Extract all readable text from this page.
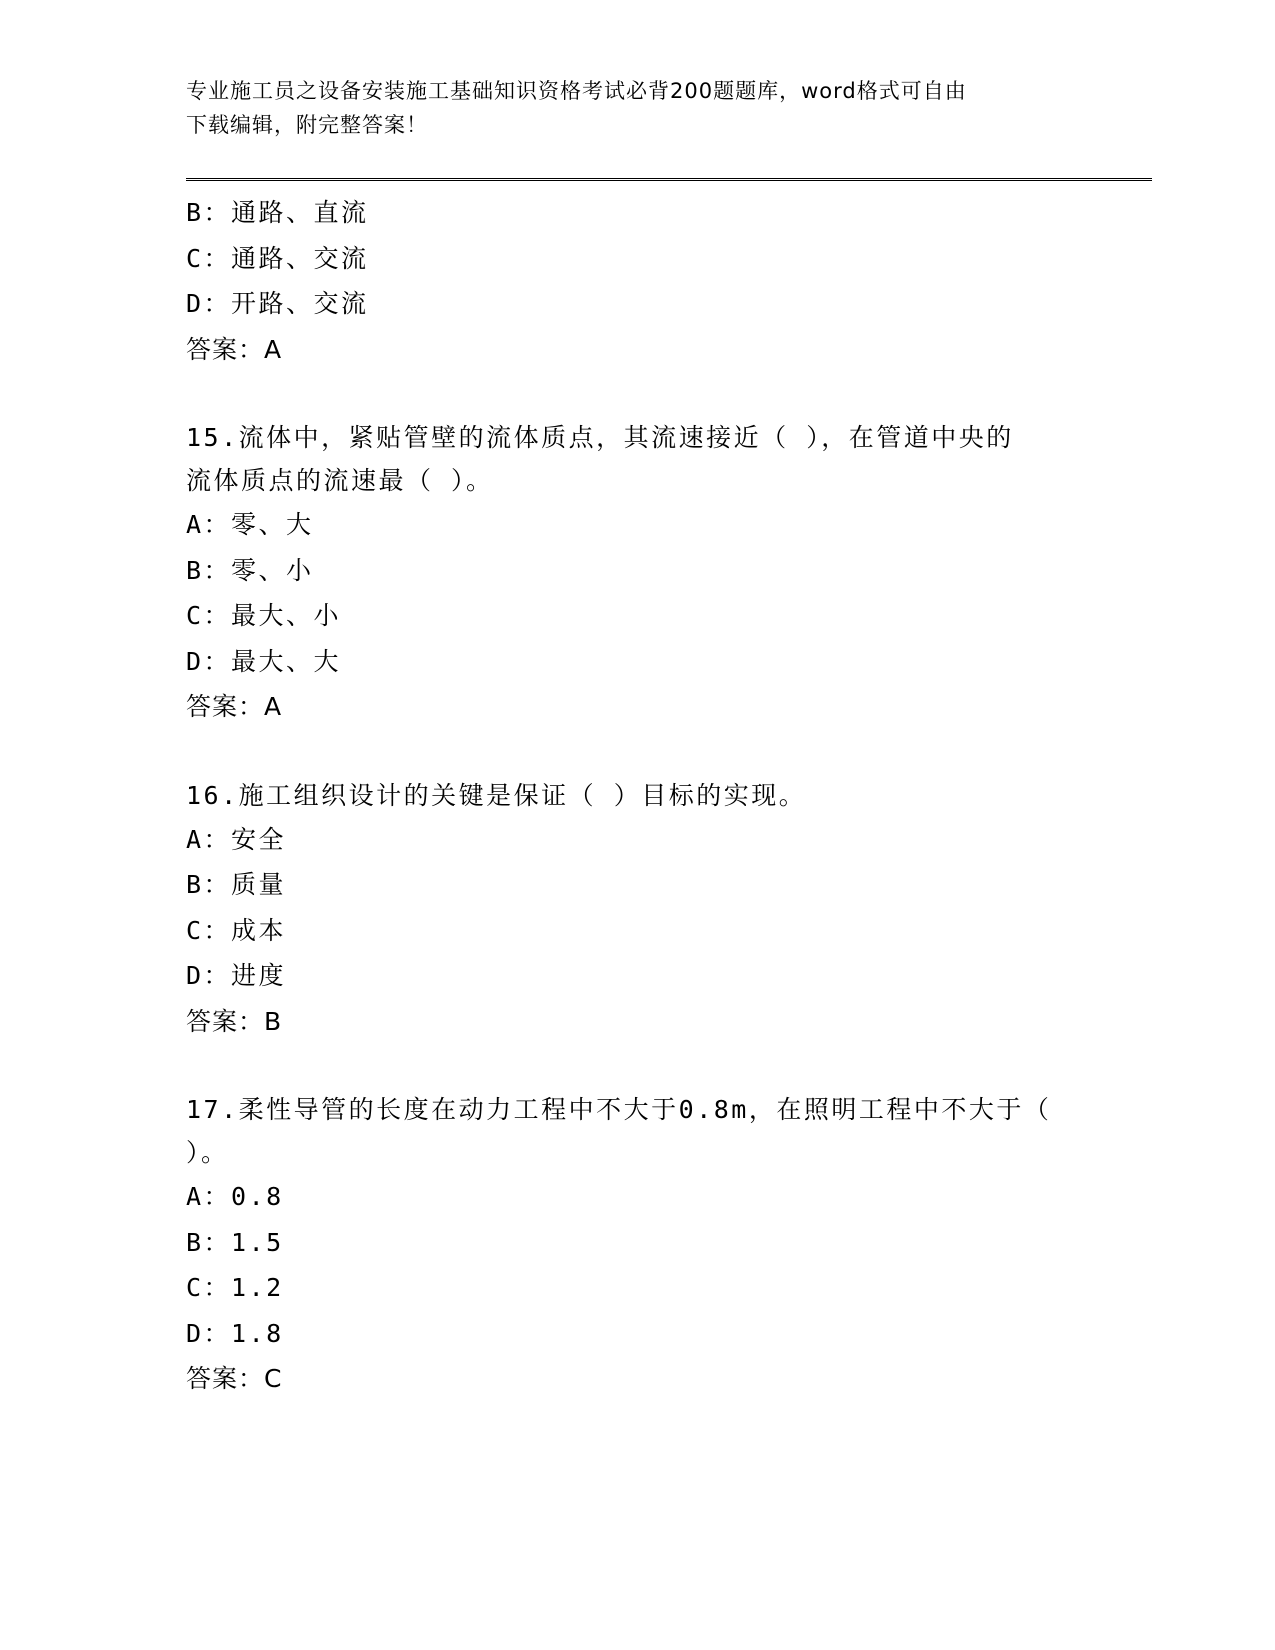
专业施工员之设备安装施工基础知识资格考试必背200题题库，word格式可自由
下载编辑，附完整答案！
B：通路、直流
C：通路、交流
D：开路、交流
答案：A
15.流体中，紧贴管壁的流体质点，其流速接近（ ），在管道中央的
流体质点的流速最（ ）。
A：零、大
B：零、小
C：最大、小
D：最大、大
答案：A
16.施工组织设计的关键是保证（ ）目标的实现。
A：安全
B：质量
C：成本
D：进度
答案：B
17.柔性导管的长度在动力工程中不大于0.8m，在照明工程中不大于（
）。
A：0.8
B：1.5
C：1.2
D：1.8
答案：C
